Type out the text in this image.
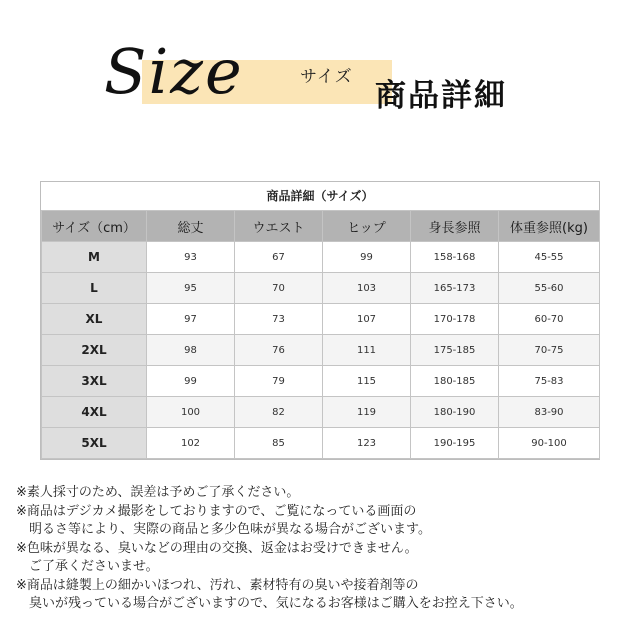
Size	サイズ
商品詳細
商品詳細（サイズ）
サイズ（cm）	総丈	ウエスト	ヒップ	身長参照	体重参照(kg)
M	93	67	99	158-168	45-55
L	95	70	103	165-173	55-60
XL	97	73	107	170-178	60-70
2XL	98	76	111	175-185	70-75
3XL	99	79	115	180-185	75-83
4XL	100	82	119	180-190	83-90
5XL	102	85	123	190-195	90-100
※素人採寸のため、誤差は予めご了承ください。
※商品はデジカメ撮影をしておりますので、ご覧になっている画面の
　明るさ等により、実際の商品と多少色味が異なる場合がございます。
※色味が異なる、臭いなどの理由の交換、返金はお受けできません。
　ご了承くださいませ。
※商品は縫製上の細かいほつれ、汚れ、素材特有の臭いや接着剤等の
　臭いが残っている場合がございますので、気になるお客様はご購入をお控え下さい。
